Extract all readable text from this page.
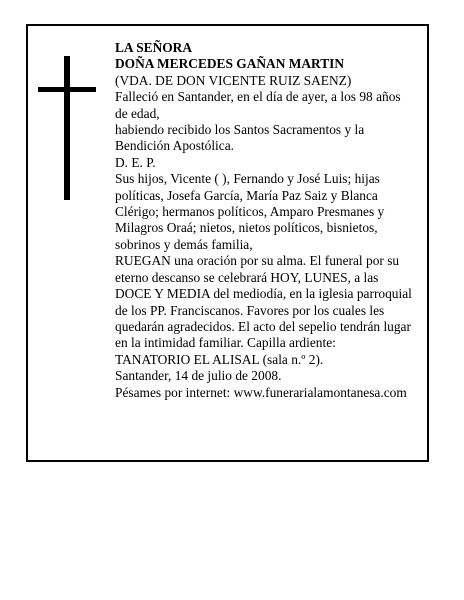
LA SEÑORA
DOÑA MERCEDES GAÑAN MARTIN
(VDA. DE DON VICENTE RUIZ SAENZ)
Falleció en Santander, en el día de ayer, a los 98 años
de edad,
habiendo recibido los Santos Sacramentos y la
Bendición Apostólica.
D. E. P.
Sus hijos, Vicente ( ), Fernando y José Luis; hijas
políticas, Josefa García, María Paz Saiz y Blanca
Clérigo; hermanos políticos, Amparo Presmanes y
Milagros Oraá; nietos, nietos políticos, bisnietos,
sobrinos y demás familia,
RUEGAN una oración por su alma. El funeral por su
eterno descanso se celebrará HOY, LUNES, a las
DOCE Y MEDIA del mediodía, en la iglesia parroquial
de los PP. Franciscanos. Favores por los cuales les
quedarán agradecidos. El acto del sepelio tendrán lugar
en la intimidad familiar. Capilla ardiente:
TANATORIO EL ALISAL (sala n.º 2).
Santander, 14 de julio de 2008.
Pésames por internet: www.funerarialamontanesa.com
